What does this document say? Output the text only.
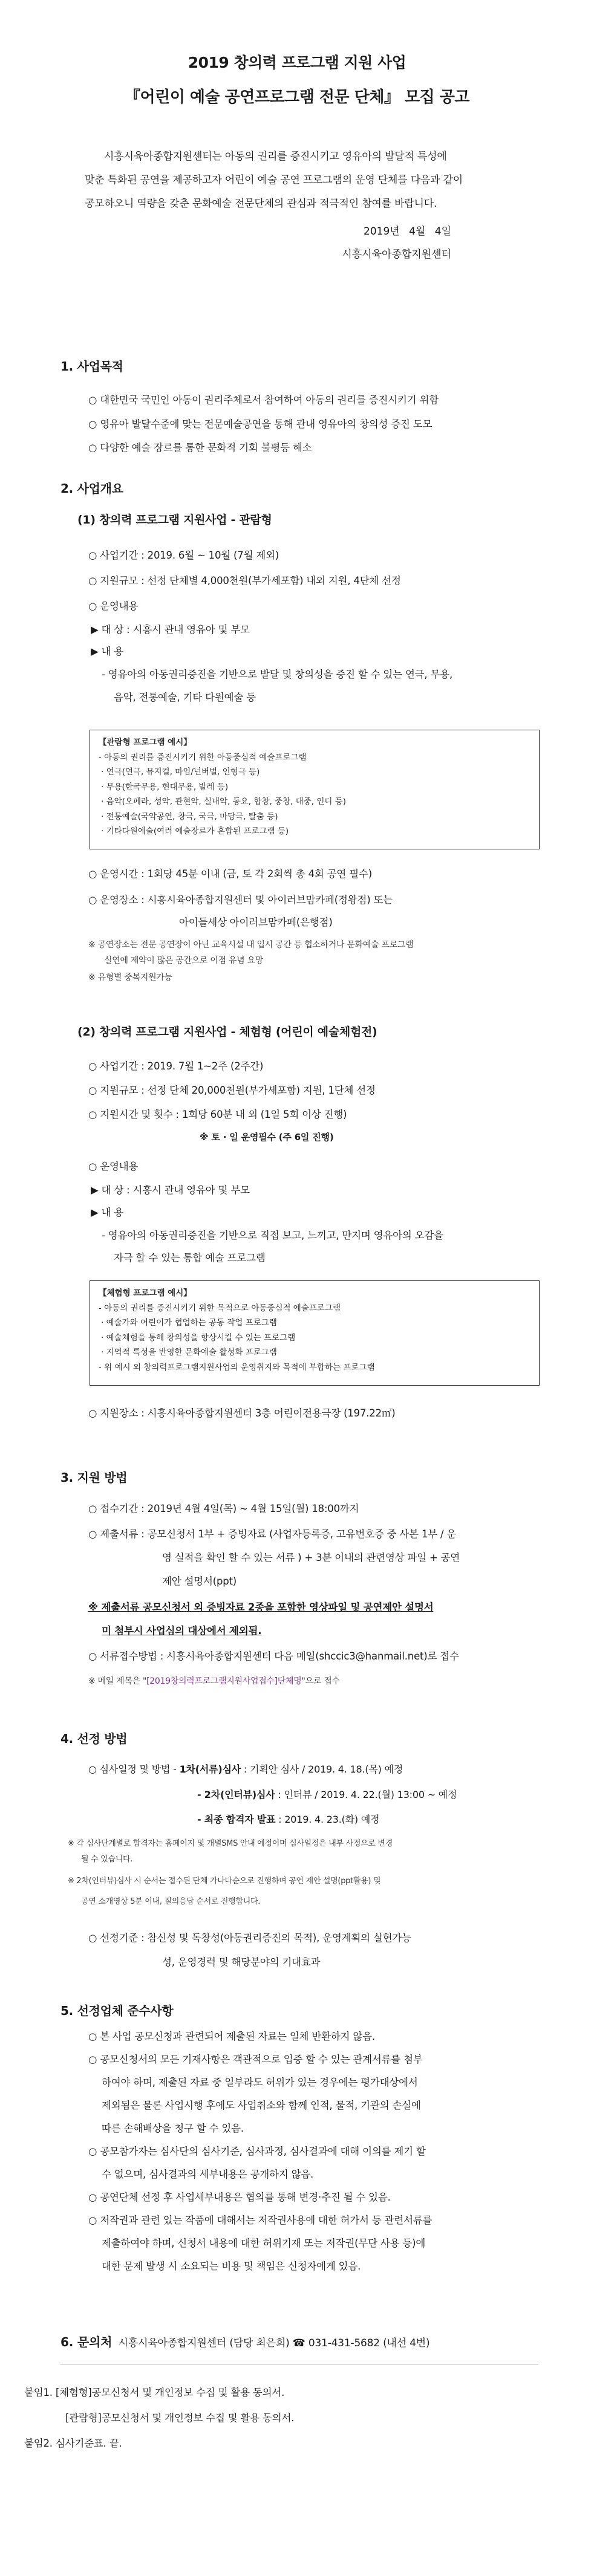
2019 창의력 프로그램 지원 사업
『어린이 예술 공연프로그램 전문 단체』 모집 공고
시흥시육아종합지원센터는 아동의 권리를 증진시키고 영유아의 발달적 특성에
맞춘 특화된 공연을 제공하고자 어린이 예술 공연 프로그램의 운영 단체를 다음과 같이
공모하오니 역량을 갖춘 문화예술 전문단체의 관심과 적극적인 참여를 바랍니다.
2019년 4월 4일
시흥시육아종합지원센터
1. 사업목적
○ 대한민국 국민인 아동이 권리주체로서 참여하여 아동의 권리를 증진시키기 위함
○ 영유아 발달수준에 맞는 전문예술공연을 통해 관내 영유아의 창의성 증진 도모
○ 다양한 예술 장르를 통한 문화적 기회 불평등 해소
2. 사업개요
(1) 창의력 프로그램 지원사업 - 관람형
○ 사업기간 : 2019. 6월 ~ 10월 (7월 제외)
○ 지원규모 : 선정 단체별 4,000천원(부가세포함) 내외 지원, 4단체 선정
○ 운영내용
▶ 대 상 : 시흥시 관내 영유아 및 부모
▶ 내 용
- 영유아의 아동권리증진을 기반으로 발달 및 창의성을 증진 할 수 있는 연극, 무용,
음악, 전통예술, 기타 다원예술 등
【관람형 프로그램 예시】
- 아동의 권리를 증진시키기 위한 아동중심적 예술프로그램
· 연극(연극, 뮤지컬, 마임/넌버벌, 인형극 등)
· 무용(한국무용, 현대무용, 발레 등)
· 음악(오페라, 성악, 관현악, 실내악, 동요, 합창, 중창, 대중, 인디 등)
· 전통예술(국악공연, 창극, 국극, 마당극, 탈춤 등)
· 기타다원예술(여러 예술장르가 혼합된 프로그램 등)
○ 운영시간 : 1회당 45분 이내 (금, 토 각 2회씩 총 4회 공연 필수)
○ 운영장소 : 시흥시육아종합지원센터 및 아이러브맘카페(정왕점) 또는
아이들세상 아이러브맘카페(은행점)
※ 공연장소는 전문 공연장이 아닌 교육시설 내 입시 공간 등 협소하거나 문화예술 프로그램
실연에 제약이 많은 공간으로 이점 유념 요망
※ 유형별 중복지원가능
(2) 창의력 프로그램 지원사업 - 체험형 (어린이 예술체험전)
○ 사업기간 : 2019. 7월 1~2주 (2주간)
○ 지원규모 : 선정 단체 20,000천원(부가세포함) 지원, 1단체 선정
○ 지원시간 및 횟수 : 1회당 60분 내 외 (1일 5회 이상 진행)
※ 토 · 일 운영필수 (주 6일 진행)
○ 운영내용
▶ 대 상 : 시흥시 관내 영유아 및 부모
▶ 내 용
- 영유아의 아동권리증진을 기반으로 직접 보고, 느끼고, 만지며 영유아의 오감을
자극 할 수 있는 통합 예술 프로그램
【체험형 프로그램 예시】
- 아동의 권리를 증진시키기 위한 목적으로 아동중심적 예술프로그램
· 예술가와 어린이가 협업하는 공동 작업 프로그램
· 예술체험을 통해 창의성을 향상시킬 수 있는 프로그램
· 지역적 특성을 반영한 문화예술 활성화 프로그램
- 위 예시 외 창의력프로그램지원사업의 운영취지와 목적에 부합하는 프로그램
○ 지원장소 : 시흥시육아종합지원센터 3층 어린이전용극장 (197.22㎡)
3. 지원 방법
○ 접수기간 : 2019년 4월 4일(목) ~ 4월 15일(월) 18:00까지
○ 제출서류 : 공모신청서 1부 + 증빙자료 (사업자등록증, 고유번호증 중 사본 1부 / 운
영 실적을 확인 할 수 있는 서류 ) + 3분 이내의 관련영상 파일 + 공연
제안 설명서(ppt)
※ 제출서류 공모신청서 외 증빙자료 2종을 포함한 영상파일 및 공연제안 설명서
미 첨부시 사업심의 대상에서 제외됨.
○ 서류접수방법 : 시흥시육아종합지원센터 다음 메일(shccic3@hanmail.net)로 접수
※ 메일 제목은 "[2019창의력프로그램지원사업접수]단체명"으로 접수
4. 선정 방법
○ 심사일정 및 방법 - 1차(서류)심사 : 기획안 심사 / 2019. 4. 18.(목) 예정
- 2차(인터뷰)심사 : 인터뷰 / 2019. 4. 22.(월) 13:00 ~ 예정
- 최종 합격자 발표 : 2019. 4. 23.(화) 예정
※ 각 심사단계별로 합격자는 홈페이지 및 개별SMS 안내 예정이며 심사일정은 내부 사정으로 변경
될 수 있습니다.
※ 2차(인터뷰)심사 시 순서는 접수된 단체 가나다순으로 진행하며 공연 제안 설명(ppt활용) 및
공연 소개영상 5분 이내, 질의응답 순서로 진행합니다.
○ 선정기준 : 참신성 및 독창성(아동권리증진의 목적), 운영계획의 실현가능
성, 운영경력 및 해당분야의 기대효과
5. 선정업체 준수사항
○ 본 사업 공모신청과 관련되어 제출된 자료는 일체 반환하지 않음.
○ 공모신청서의 모든 기재사항은 객관적으로 입증 할 수 있는 관계서류를 첨부
하여야 하며, 제출된 자료 중 일부라도 허위가 있는 경우에는 평가대상에서
제외됨은 물론 사업시행 후에도 사업취소와 함께 인적, 물적, 기관의 손실에
따른 손해배상을 청구 할 수 있음.
○ 공모참가자는 심사단의 심사기준, 심사과정, 심사결과에 대해 이의를 제기 할
수 없으며, 심사결과의 세부내용은 공개하지 않음.
○ 공연단체 선정 후 사업세부내용은 협의를 통해 변경·추진 될 수 있음.
○ 저작권과 관련 있는 작품에 대해서는 저작권사용에 대한 허가서 등 관련서류를
제출하여야 하며, 신청서 내용에 대한 허위기재 또는 저작권(무단 사용 등)에
대한 문제 발생 시 소요되는 비용 및 책임은 신청자에게 있음.
6. 문의처 시흥시육아종합지원센터 (담당 최은희) ☎ 031-431-5682 (내선 4번)
붙임1. [체험형]공모신청서 및 개인정보 수집 및 활용 동의서.
[관람형]공모신청서 및 개인정보 수집 및 활용 동의서.
붙임2. 심사기준표. 끝.
